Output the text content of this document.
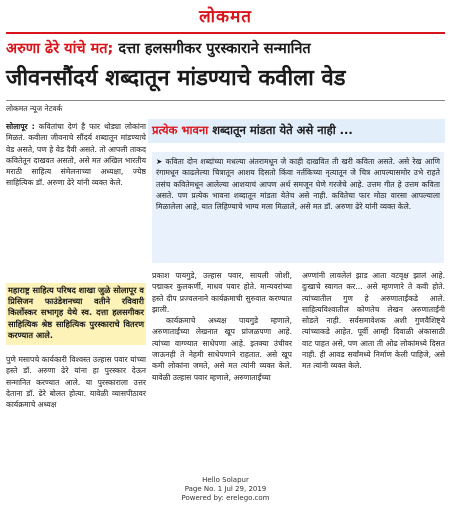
लोकमत
अरुणा ढेरे यांचे मत; दत्ता हलसगीकर पुरस्काराने सन्मानित
जीवनसौंदर्य शब्दातून मांडण्याचे कवीला वेड
लोकमत न्यूज नेटवर्क
प्रत्येक भावना शब्दातून मांडता येते असे नाही ...

सोलापूर : कवितांचा देणं है फार थोड्या लोकांना मिळतं. कवीला जीवनाचे सौंदर्य शब्दातून मांडण्याचे वेड असते, पण हे वेड दैवी असते. तो आपली ताकद कवितेतून दाखवत असतो, असे मत अखिल भारतीय मराठी साहित्य संमेलनाच्या अध्यक्षा, ज्येष्ठ साहित्यिक डॉ. अरुणा ढेरे यांनी व्यक्त केले.

➤ कविता दोन शब्दांच्या मधल्या अंतरामधून जे काही दाखवित ती खरी कविता असते. असे रेख आणि रंगामधून काढलेल्या चित्रातून आशय दिसतो किंवा नर्तकिच्या नृत्यातून जे चित्र आपल्यासमोर उभे राहते तसंच कवितेमधून आलेल्या आशयाचं आपण अर्थ समजून घेणे गरजेचे आहे. उत्तम गीत हे उत्तम कविता असते. पण प्रत्येक भावना शब्दातून मांडता येतेच असे नाही. कवितेचा फार मोठा वारसा आपल्याला मिळालेला आहे, यात लिहिण्याचे भाग्य मला मिळाले, असे मत डॉ. अरुणा ढेरे यांनी व्यक्त केले.
महाराष्ट्र साहित्य परिषद शाखा जुळे सोलापूर व प्रिसिजन फाउंडेशनच्या वतीने रविवारी किर्लोस्कर सभागृह येथे स्व. दत्ता हलसगीकर साहित्यिक श्रेष्ठ साहित्यिक पुरस्काराचे वितरण करण्यात आले.

पुणे मसापचे कार्यकारी विश्वस्त उल्हास पवार यांच्या हस्ते डॉ. अरुणा ढेरे यांना हा पुरस्कार देऊन सन्मानित करण्यात आले. या पुरस्काराला उत्तर देताना डॉ. ढेरे बोलत होत्या. यावेळी व्यासपीठावर कार्यक्रमाचे अध्यक्ष

प्रकाश पायगुडे, उल्हास पवार, सायली जोशी, पद्माकर कुलकर्णी, माधव पवार होते. मान्यवरांच्या हस्ते दीप प्रज्वलनाने कार्यक्रमाची सुरुवात करण्यात झाली.

कार्यक्रमाचे अध्यक्ष पायगुडे म्हणाले, अरुणाताईंच्या लेखनात खूप प्रांजळपणा आहे. त्यांच्या वाग्ण्यात साधेपणा आहे. इतक्या उंचीवर जाऊनही ते नेहमी साधेपणाने राहतात. असे खूप कमी लोकांना जमते, असे मत त्यांनी व्यक्त केले. यावेळी उल्हास पवार म्हणाले, अरुणाताईंच्या

अण्णांनी लावलेलं झाड आता वटवृक्ष झालं आहे. दुःखाचे स्वागत कर... असे म्हणणारे ते कवी होते. त्यांच्यातील गुण हे अरुणाताईंकडे आले. साहित्यविश्वातील कोणतेच लेखन अरुणाताईंनी सोडले नाही. सर्वसमावेशक अशी गुणवैशिष्ट्ये त्यांच्याकडे आहेत. पूर्वी आम्ही दिवाळी अंकासाठी वाट पाहत असे, पण आता ती ओढ लोकांमध्ये दिसत नाही. ही आवड सर्वांमध्ये निर्माण केली पाहिजे, असे मत त्यांनी व्यक्त केले.

Hello Solapur
Page No. 1 Jul 29, 2019
Powered by: erelego.com
